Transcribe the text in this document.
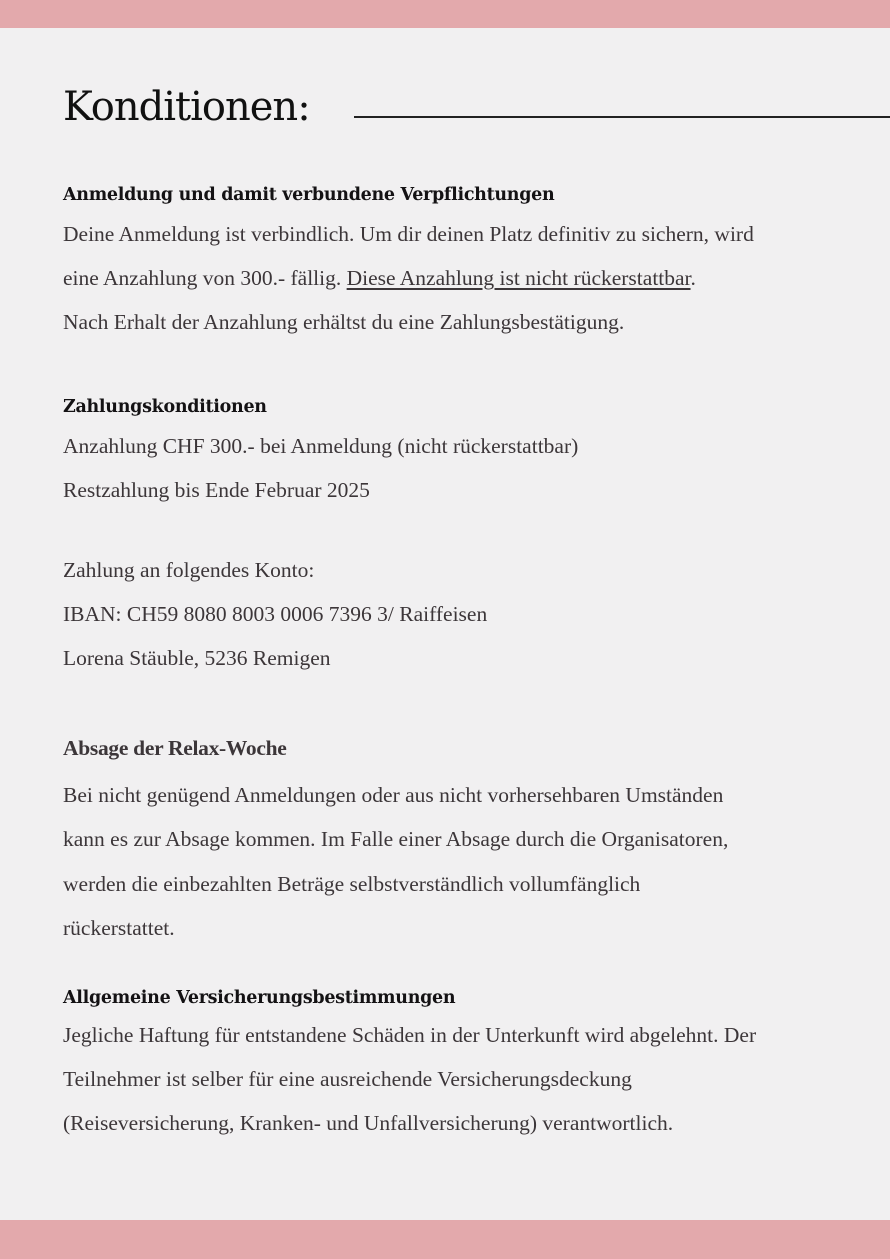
Konditionen:

Anmeldung und damit verbundene Verpflichtungen

Deine Anmeldung ist verbindlich. Um dir deinen Platz definitiv zu sichern, wird

eine Anzahlung von 300.- fällig. Diese Anzahlung ist nicht rückerstattbar.

Nach Erhalt der Anzahlung erhältst du eine Zahlungsbestätigung.

Zahlungskonditionen

Anzahlung CHF 300.- bei Anmeldung (nicht rückerstattbar)

Restzahlung bis Ende Februar 2025

Zahlung an folgendes Konto:

IBAN: CH59 8080 8003 0006 7396 3/ Raiffeisen

Lorena Stäuble, 5236 Remigen

Absage der Relax-Woche

Bei nicht genügend Anmeldungen oder aus nicht vorhersehbaren Umständen

kann es zur Absage kommen. Im Falle einer Absage durch die Organisatoren,

werden die einbezahlten Beträge selbstverständlich vollumfänglich

rückerstattet.

Allgemeine Versicherungsbestimmungen

Jegliche Haftung für entstandene Schäden in der Unterkunft wird abgelehnt. Der

Teilnehmer ist selber für eine ausreichende Versicherungsdeckung

(Reiseversicherung, Kranken- und Unfallversicherung) verantwortlich.
